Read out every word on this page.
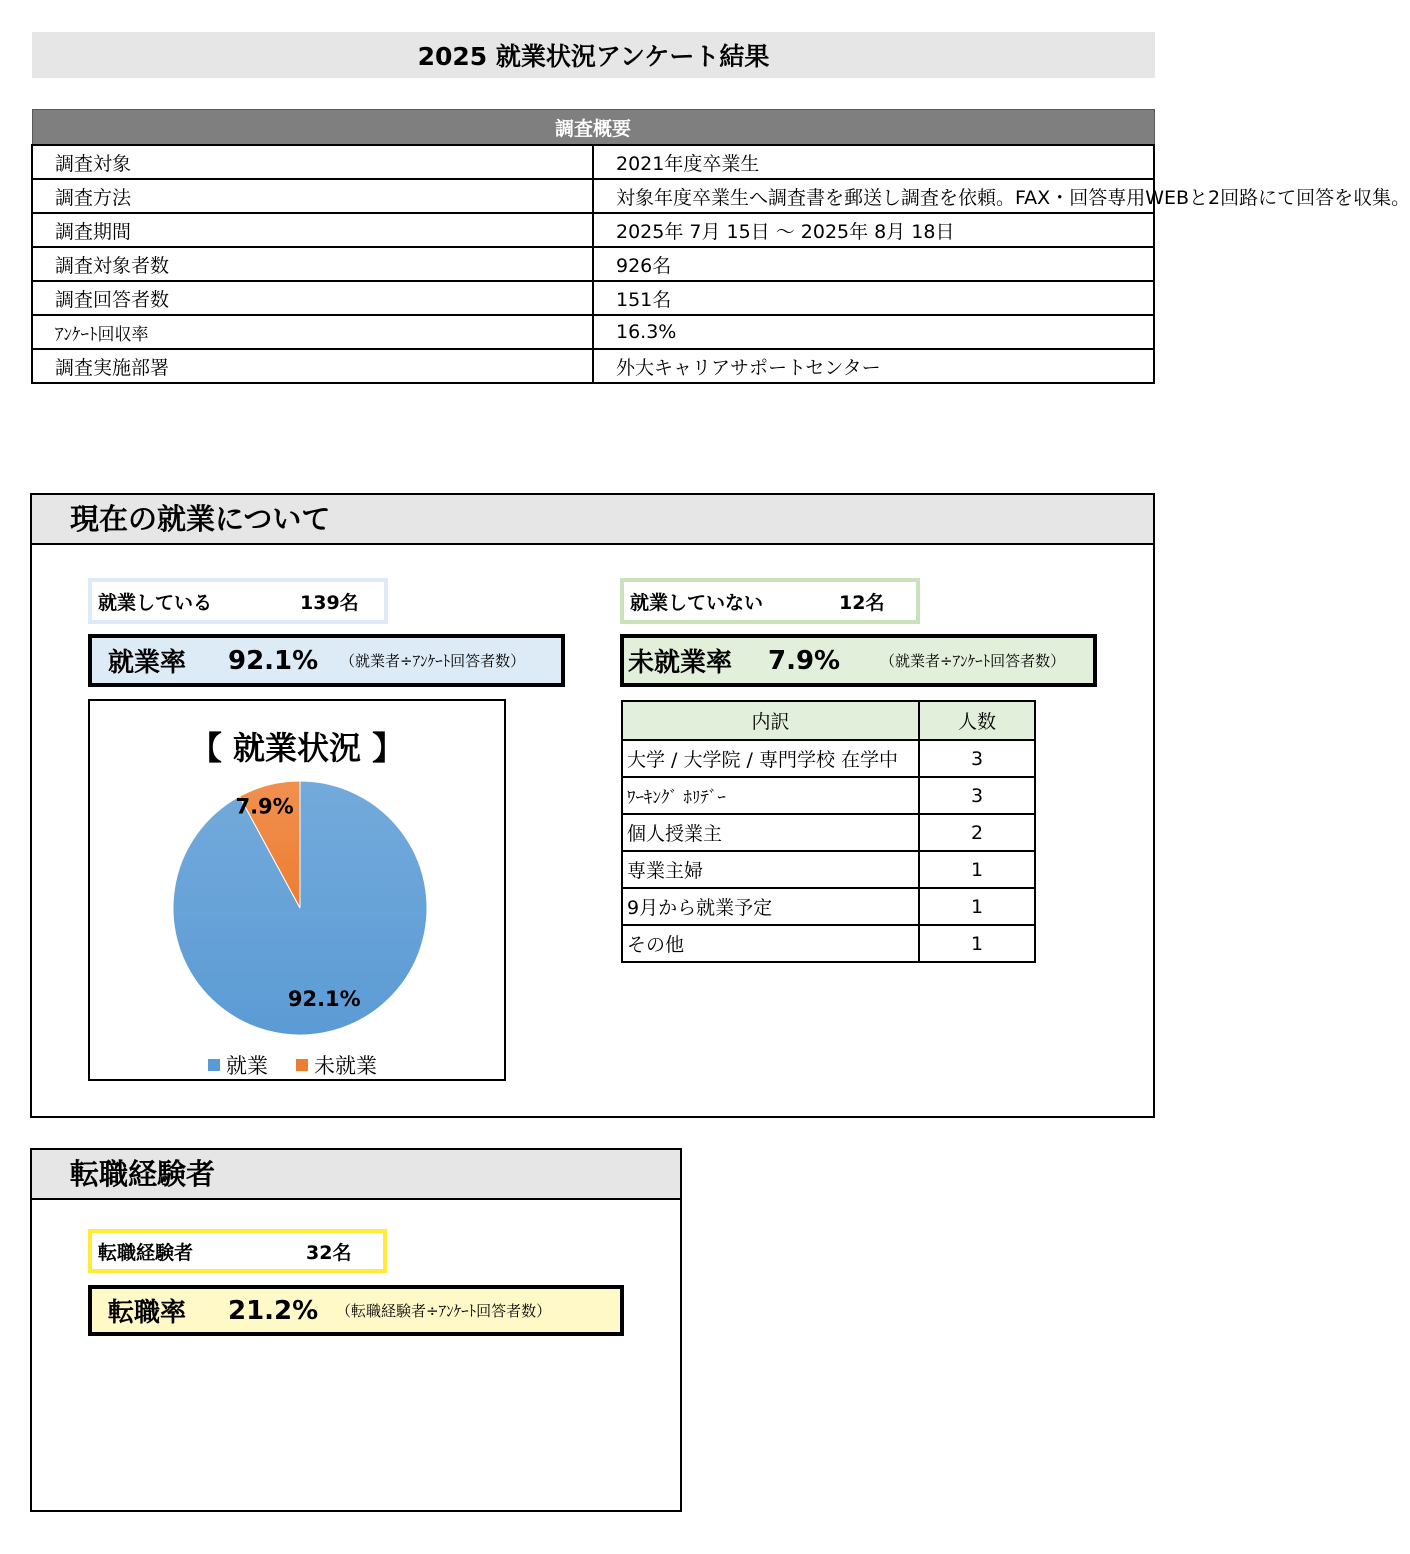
2025 就業状況アンケート結果
調査概要	
調査対象	2021年度卒業生
調査方法	対象年度卒業生へ調査書を郵送し調査を依頼。FAX・回答専用WEBと2回路にて回答を収集。
調査期間	2025年 7月 15日 ～ 2025年 8月 18日
調査対象者数	926名
調査回答者数	151名
ｱﾝｹｰﾄ回収率	16.3%
調査実施部署	外大キャリアサポートセンター
現在の就業について
就業している	139名
就業率	92.1%	（就業者÷ｱﾝｹｰﾄ回答者数）
就業していない	12名
未就業率	7.9%	（就業者÷ｱﾝｹｰﾄ回答者数）
【 就業状況 】
92.1%
7.9%
就業 未就業
内訳	人数
大学 / 大学院 / 専門学校 在学中	3
ﾜｰｷﾝｸﾞ ﾎﾘﾃﾞｰ	3
個人授業主	2
専業主婦	1
9月から就業予定	1
その他	1
転職経験者
転職経験者	32名
転職率	21.2%	（転職経験者÷ｱﾝｹｰﾄ回答者数）
